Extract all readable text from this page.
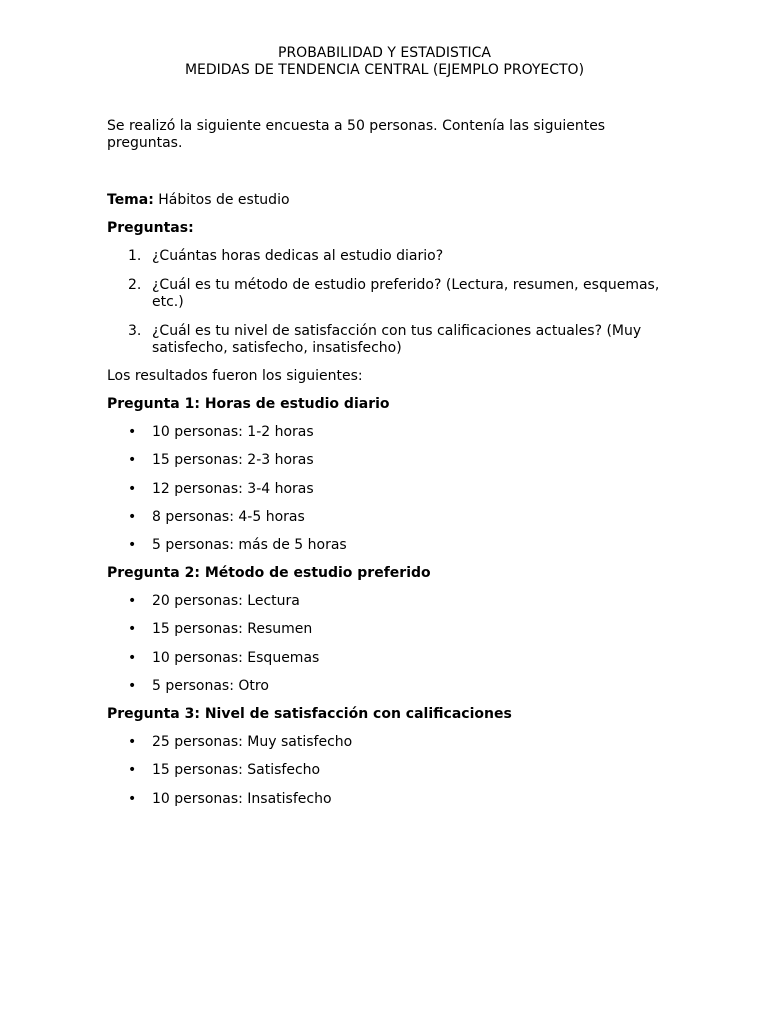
PROBABILIDAD Y ESTADISTICA
MEDIDAS DE TENDENCIA CENTRAL (EJEMPLO PROYECTO)

Se realizó la siguiente encuesta a 50 personas. Contenía las siguientes preguntas.

Tema: Hábitos de estudio

Preguntas:

1. ¿Cuántas horas dedicas al estudio diario?
2. ¿Cuál es tu método de estudio preferido? (Lectura, resumen, esquemas, etc.)
3. ¿Cuál es tu nivel de satisfacción con tus calificaciones actuales? (Muy satisfecho, satisfecho, insatisfecho)

Los resultados fueron los siguientes:

Pregunta 1: Horas de estudio diario

• 10 personas: 1-2 horas
• 15 personas: 2-3 horas
• 12 personas: 3-4 horas
• 8 personas: 4-5 horas
• 5 personas: más de 5 horas

Pregunta 2: Método de estudio preferido

• 20 personas: Lectura
• 15 personas: Resumen
• 10 personas: Esquemas
• 5 personas: Otro

Pregunta 3: Nivel de satisfacción con calificaciones

• 25 personas: Muy satisfecho
• 15 personas: Satisfecho
• 10 personas: Insatisfecho
